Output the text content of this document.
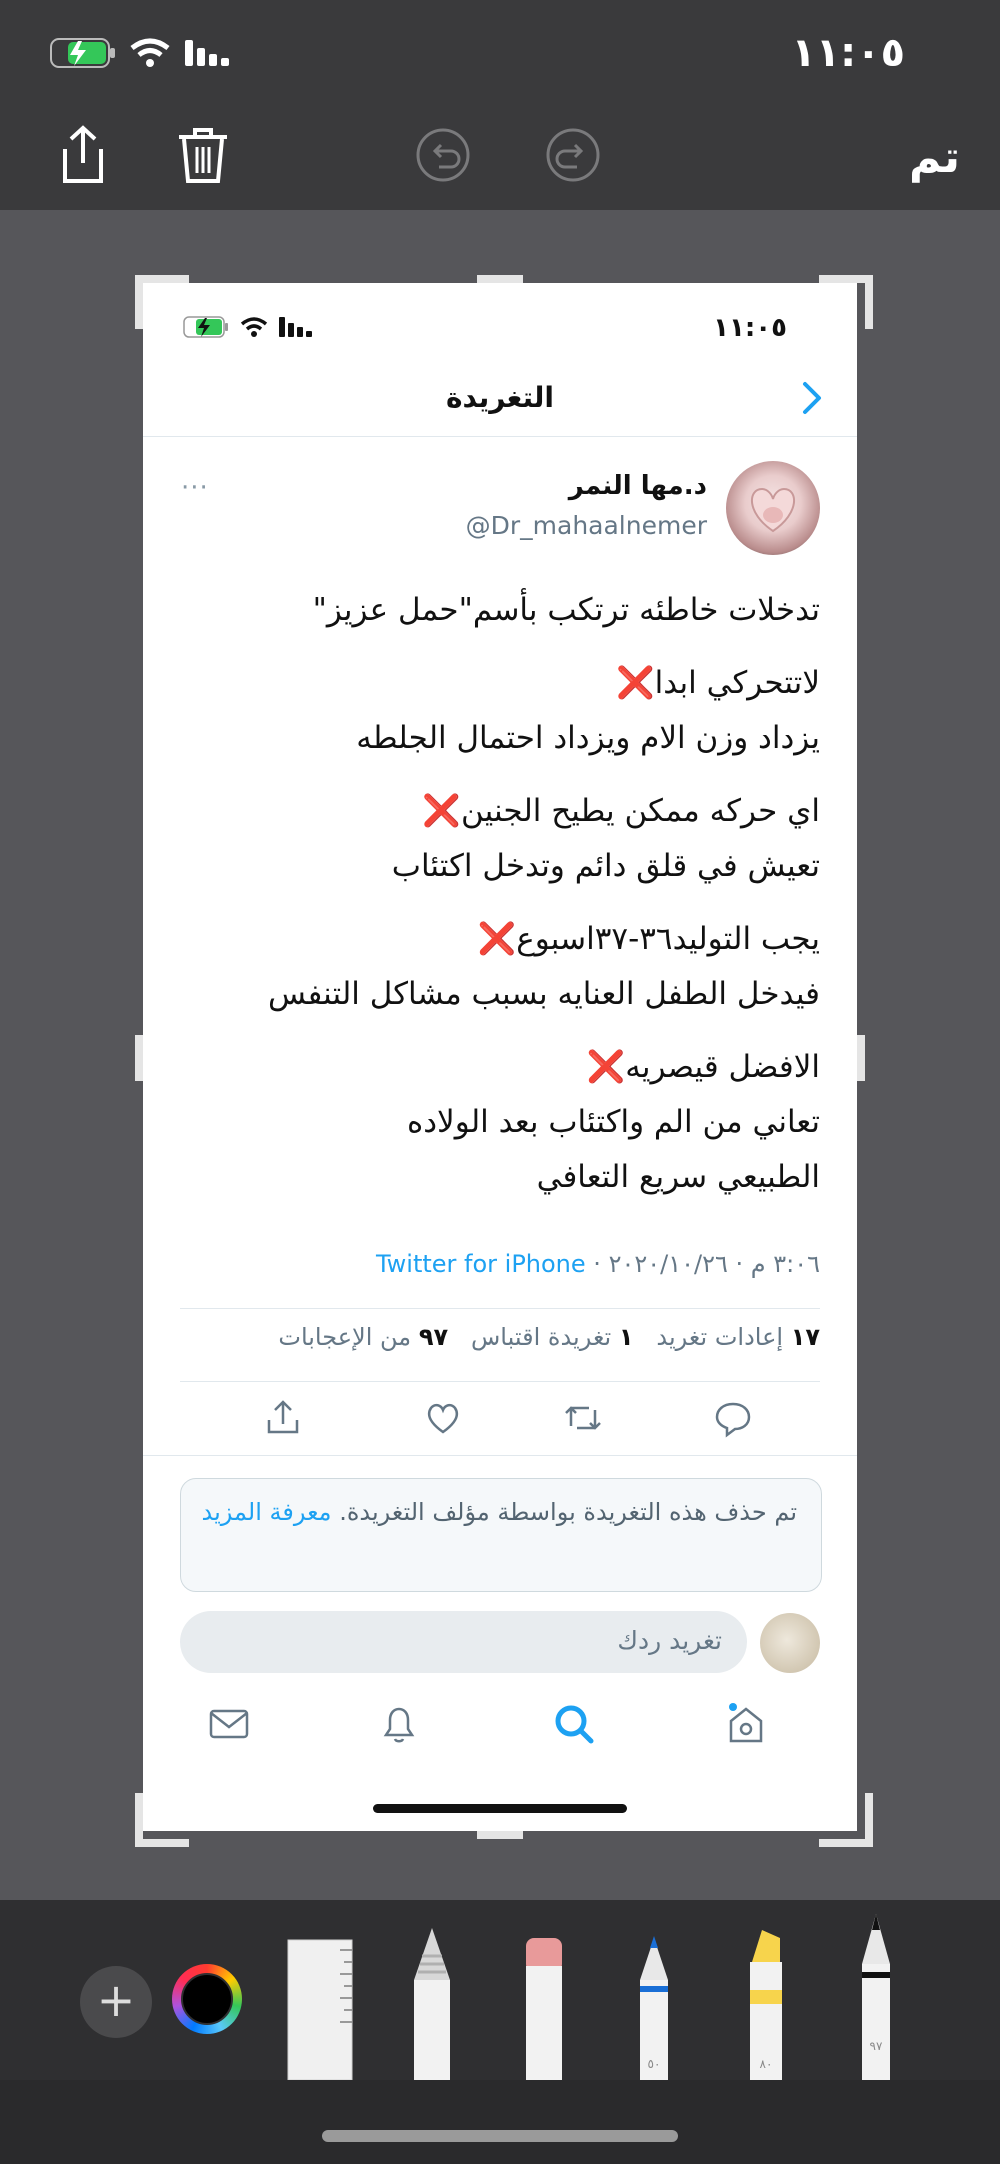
١١:٠٥
تم
١١:٠٥
التغريدة
د.مها النمر
@Dr_mahaalnemer
···
تدخلات خاطئه ترتكب بأسم"حمل عزيز"
لاتتحركي ابدا❌
يزداد وزن الام ويزداد احتمال الجلطه
اي حركه ممكن يطيح الجنين❌
تعيش في قلق دائم وتدخل اكتئاب
يجب التوليد٣٦-٣٧اسبوع❌
فيدخل الطفل العنايه بسبب مشاكل التنفس
الافضل قيصريه❌
تعاني من الم واكتئاب بعد الولاده
الطبيعي سريع التعافي
٣:٠٦ م · ٢٠٢٠/١٠/٢٦ · Twitter for iPhone
١٧ إعادات تغريد   ١ تغريدة اقتباس   ٩٧ من الإعجابات
تم حذف هذه التغريدة بواسطة مؤلف التغريدة. معرفة المزيد
تغريد ردك
+
٥٠	٨٠
٩٧
